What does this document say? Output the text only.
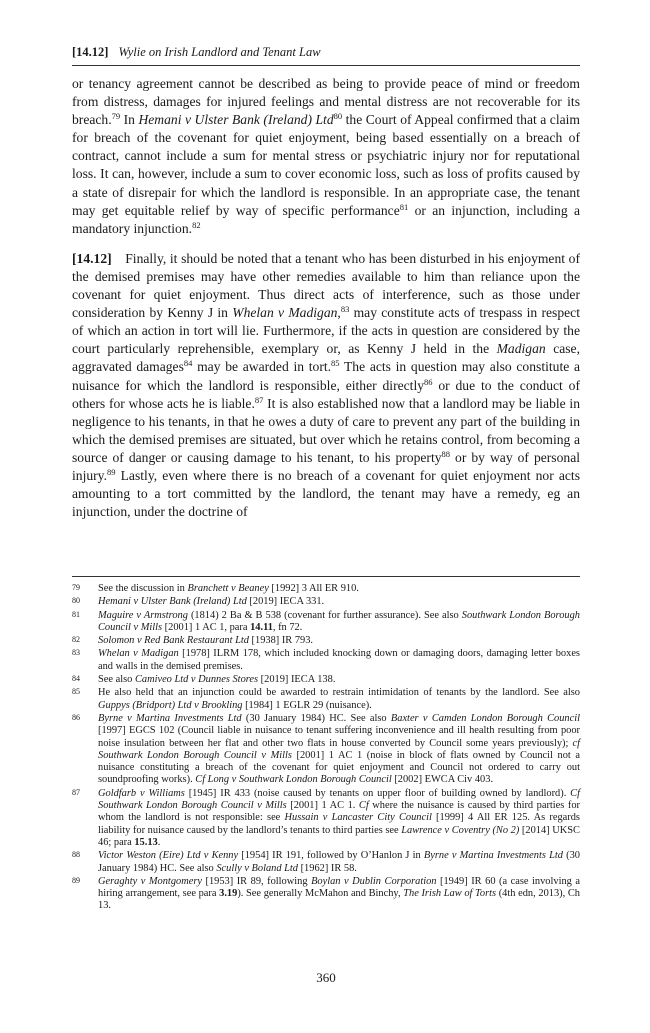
[14.12] Wylie on Irish Landlord and Tenant Law

or tenancy agreement cannot be described as being to provide peace of mind or freedom from distress, damages for injured feelings and mental distress are not recoverable for its breach.$^{79}$ In Hemani v Ulster Bank (Ireland) Ltd$^{80}$ the Court of Appeal confirmed that a claim for breach of the covenant for quiet enjoyment, being based essentially on a breach of contract, cannot include a sum for mental stress or psychiatric injury nor for reputational loss. It can, however, include a sum to cover economic loss, such as loss of profits caused by a state of disrepair for which the landlord is responsible. In an appropriate case, the tenant may get equitable relief by way of specific performance$^{81}$ or an injunction, including a mandatory injunction.$^{82}$

[14.12] Finally, it should be noted that a tenant who has been disturbed in his enjoyment of the demised premises may have other remedies available to him than reliance upon the covenant for quiet enjoyment. Thus direct acts of interference, such as those under consideration by Kenny J in Whelan v Madigan,$^{83}$ may constitute acts of trespass in respect of which an action in tort will lie. Furthermore, if the acts in question are considered by the court particularly reprehensible, exemplary or, as Kenny J held in the Madigan case, aggravated damages$^{84}$ may be awarded in tort.$^{85}$ The acts in question may also constitute a nuisance for which the landlord is responsible, either directly$^{86}$ or due to the conduct of others for whose acts he is liable.$^{87}$ It is also established now that a landlord may be liable in negligence to his tenants, in that he owes a duty of care to prevent any part of the building in which the demised premises are situated, but over which he retains control, from becoming a source of danger or causing damage to his tenant, to his property$^{88}$ or by way of personal injury.$^{89}$ Lastly, even where there is no breach of a covenant for quiet enjoyment nor acts amounting to a tort committed by the landlord, the tenant may have a remedy, eg an injunction, under the doctrine of

79	See the discussion in Branchett v Beaney [1992] 3 All ER 910.
80	Hemani v Ulster Bank (Ireland) Ltd [2019] IECA 331.
81	Maguire v Armstrong (1814) 2 Ba & B 538 (covenant for further assurance). See also Southwark London Borough Council v Mills [2001] 1 AC 1, para 14.11, fn 72.
82	Solomon v Red Bank Restaurant Ltd [1938] IR 793.
83	Whelan v Madigan [1978] ILRM 178, which included knocking down or damaging doors, damaging letter boxes and walls in the demised premises.
84	See also Camiveo Ltd v Dunnes Stores [2019] IECA 138.
85	He also held that an injunction could be awarded to restrain intimidation of tenants by the landlord. See also Guppys (Bridport) Ltd v Brookling [1984] 1 EGLR 29 (nuisance).
86	Byrne v Martina Investments Ltd (30 January 1984) HC. See also Baxter v Camden London Borough Council [1997] EGCS 102 (Council liable in nuisance to tenant suffering inconvenience and ill health resulting from poor noise insulation between her flat and other two flats in house converted by Council some years previously); cf Southwark London Borough Council v Mills [2001] 1 AC 1 (noise in block of flats owned by Council not a nuisance constituting a breach of the covenant for quiet enjoyment and Council not ordered to carry out soundproofing works). Cf Long v Southwark London Borough Council [2002] EWCA Civ 403.
87	Goldfarb v Williams [1945] IR 433 (noise caused by tenants on upper floor of building owned by landlord). Cf Southwark London Borough Council v Mills [2001] 1 AC 1. Cf where the nuisance is caused by third parties for whom the landlord is not responsible: see Hussain v Lancaster City Council [1999] 4 All ER 125. As regards liability for nuisance caused by the landlord’s tenants to third parties see Lawrence v Coventry (No 2) [2014] UKSC 46; para 15.13.
88	Victor Weston (Eire) Ltd v Kenny [1954] IR 191, followed by O’Hanlon J in Byrne v Martina Investments Ltd (30 January 1984) HC. See also Scully v Boland Ltd [1962] IR 58.
89	Geraghty v Montgomery [1953] IR 89, following Boylan v Dublin Corporation [1949] IR 60 (a case involving a hiring arrangement, see para 3.19). See generally McMahon and Binchy, The Irish Law of Torts (4th edn, 2013), Ch 13.
360
